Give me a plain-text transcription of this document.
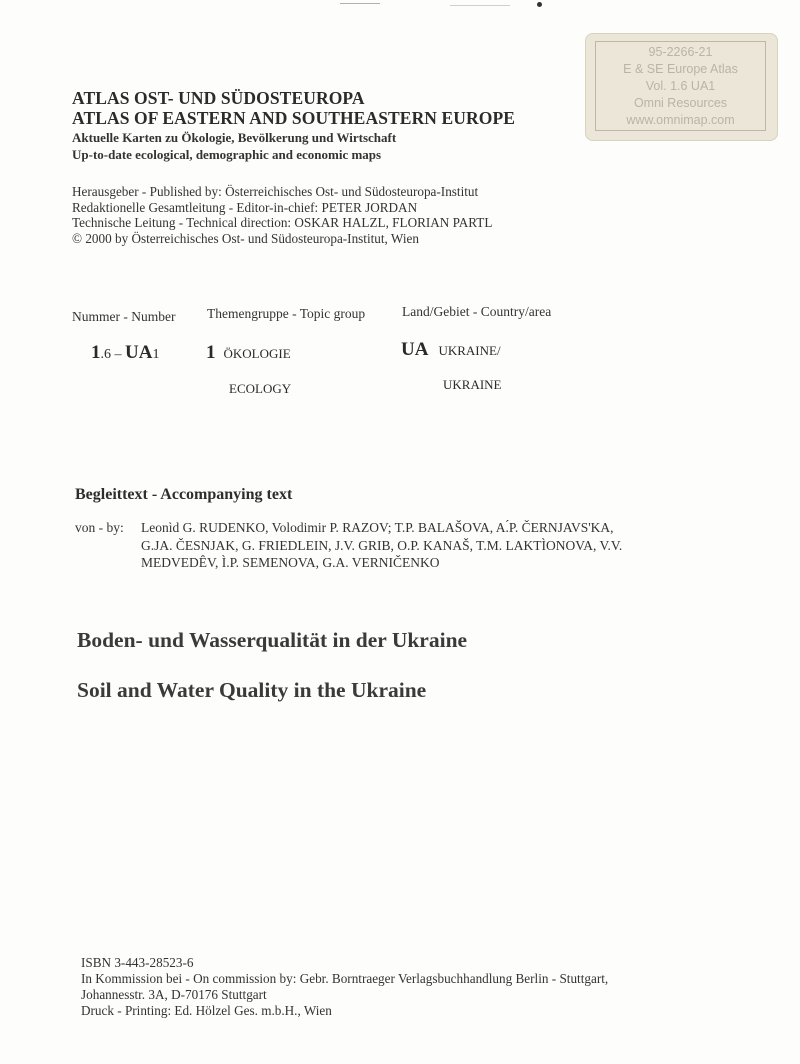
95-2266-21
E & SE Europe Atlas
Vol. 1.6 UA1
Omni Resources
www.omnimap.com
ATLAS OST- UND SÜDOSTEUROPA
ATLAS OF EASTERN AND SOUTHEASTERN EUROPE
Aktuelle Karten zu Ökologie, Bevölkerung und Wirtschaft
Up-to-date ecological, demographic and economic maps
Herausgeber - Published by: Österreichisches Ost- und Südosteuropa-Institut
Redaktionelle Gesamtleitung - Editor-in-chief: PETER JORDAN
Technische Leitung - Technical direction: OSKAR HALZL, FLORIAN PARTL
© 2000 by Österreichisches Ost- und Südosteuropa-Institut, Wien
Nummer - Number Themengruppe - Topic group	Land/Gebiet - Country/area
1.6 – UA1 1 ÖKOLOGIE
ECOLOGY
UA UKRAINE/
UKRAINE
Begleittext - Accompanying text
von - by: Leonìd G. RUDENKO, Volodimir P. RAZOV; T.P. BALAŠOVA, A.́P. ČERNJAVS'KA,
G.JA. ČESNJAK, G. FRIEDLEIN, J.V. GRIB, O.P. KANAŠ, T.M. LAKTÌONOVA, V.V.
MEDVEDÊV, Ì.P. SEMENOVA, G.A. VERNIČENKO
Boden- und Wasserqualität in der Ukraine
Soil and Water Quality in the Ukraine
ISBN 3-443-28523-6
In Kommission bei - On commission by: Gebr. Borntraeger Verlagsbuchhandlung Berlin - Stuttgart,
Johannesstr. 3A, D-70176 Stuttgart
Druck - Printing: Ed. Hölzel Ges. m.b.H., Wien
